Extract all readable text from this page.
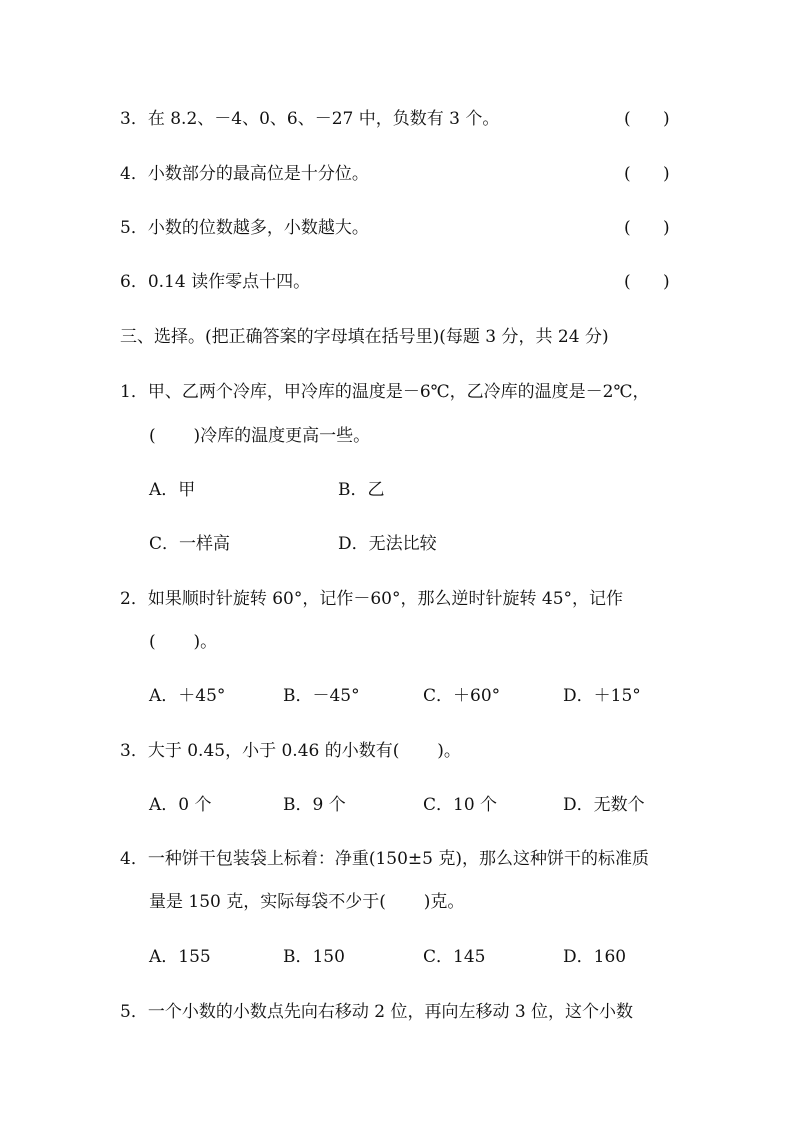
3．在 8.2、－4、0、6、－27 中，负数有 3 个。	(      )
4．小数部分的最高位是十分位。	(      )
5．小数的位数越多，小数越大。	(      )
6．0.14 读作零点十四。	(      )
三、选择。(把正确答案的字母填在括号里)(每题 3 分，共 24 分)
1．甲、乙两个冷库，甲冷库的温度是－6℃，乙冷库的温度是－2℃，
(       )冷库的温度更高一些。
A．甲	B．乙
C．一样高	D．无法比较
2．如果顺时针旋转 60°，记作－60°，那么逆时针旋转 45°，记作
(       )。
A．＋45°	B．－45°	C．＋60°	D．＋15°
3．大于 0.45，小于 0.46 的小数有(       )。
A．0 个	B．9 个	C．10 个	D．无数个
4．一种饼干包装袋上标着：净重(150±5 克)，那么这种饼干的标准质
量是 150 克，实际每袋不少于(       )克。
A．155	B．150	C．145	D．160
5．一个小数的小数点先向右移动 2 位，再向左移动 3 位，这个小数
